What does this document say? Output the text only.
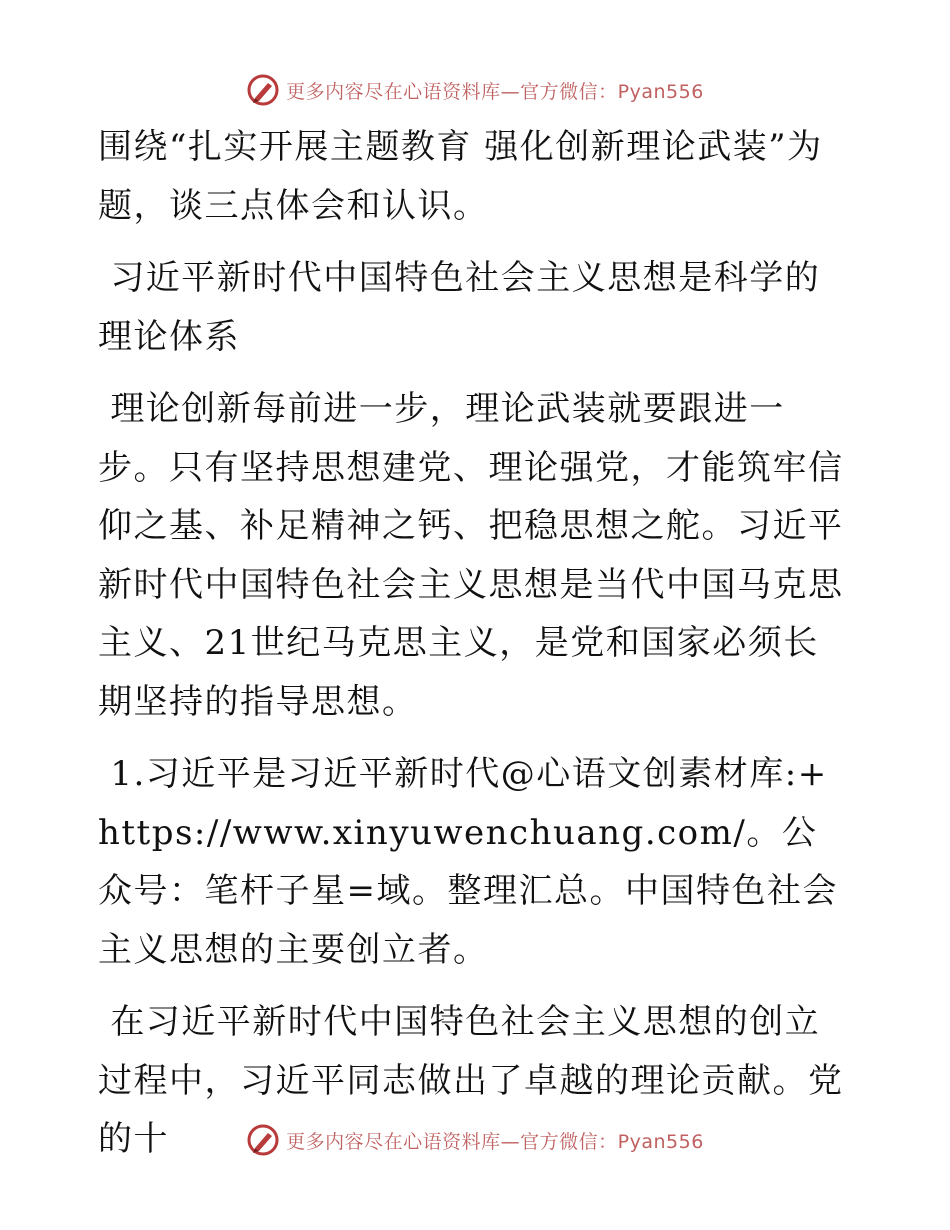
更多内容尽在心语资料库—官方微信：Pyan556

围绕“扎实开展主题教育 强化创新理论武装”为题，谈三点体会和认识。

习近平新时代中国特色社会主义思想是科学的理论体系

理论创新每前进一步，理论武装就要跟进一步。只有坚持思想建党、理论强党，才能筑牢信仰之基、补足精神之钙、把稳思想之舵。习近平新时代中国特色社会主义思想是当代中国马克思主义、21世纪马克思主义，是党和国家必须长期坚持的指导思想。

1.习近平是习近平新时代@心语文创素材库:+https://www.xinyuwenchuang.com/。公众号：笔杆子星=域。整理汇总。中国特色社会主义思想的主要创立者。

在习近平新时代中国特色社会主义思想的创立过程中，习近平同志做出了卓越的理论贡献。党的十	更多内容尽在心语资料库—官方微信：Pyan556
